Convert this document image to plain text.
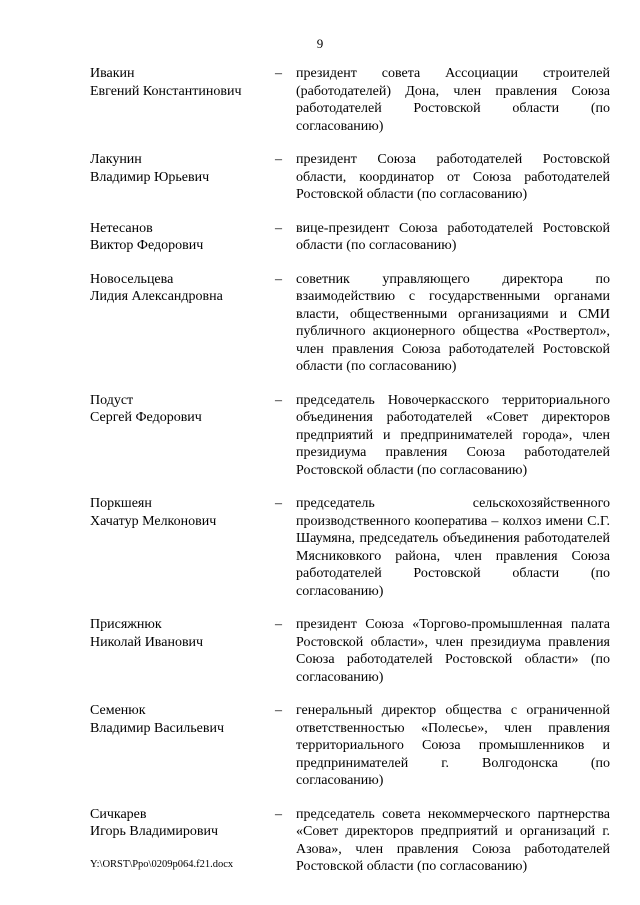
9
Ивакин
Евгений Константинович
–	президент совета Ассоциации строителей (работодателей) Дона, член правления Союза работодателей Ростовской области (по согласованию)
Лакунин
Владимир Юрьевич
–	президент Союза работодателей Ростовской области, координатор от Союза работодателей Ростовской области (по согласованию)
Нетесанов
Виктор Федорович
–	вице-президент Союза работодателей Ростовской области (по согласованию)
Новосельцева
Лидия Александровна
–	советник управляющего директора по взаимодействию с государственными органами власти, общественными организациями и СМИ публичного акционерного общества «Роствертол», член правления Союза работодателей Ростовской области (по согласованию)
Подуст
Сергей Федорович
–	председатель Новочеркасского территориального объединения работодателей «Совет директоров предприятий и предпринимателей города», член президиума правления Союза работодателей Ростовской области (по согласованию)
Поркшеян
Хачатур Мелконович
–	председатель сельскохозяйственного производственного кооператива – колхоз имени С.Г. Шаумяна, председатель объединения работодателей Мясниковкого района, член правления Союза работодателей Ростовской области (по согласованию)
Присяжнюк
Николай Иванович
–	президент Союза «Торгово-промышленная палата Ростовской области», член президиума правления Союза работодателей Ростовской области» (по согласованию)
Семенюк
Владимир Васильевич
–	генеральный директор общества с ограниченной ответственностью «Полесье», член правления территориального Союза промышленников и предпринимателей г. Волгодонска (по согласованию)
Сичкарев
Игорь Владимирович
–	председатель совета некоммерческого партнерства «Совет директоров предприятий и организаций г. Азова», член правления Союза работодателей Ростовской области (по согласованию)
Y:\ORST\Ppo\0209p064.f21.docx
